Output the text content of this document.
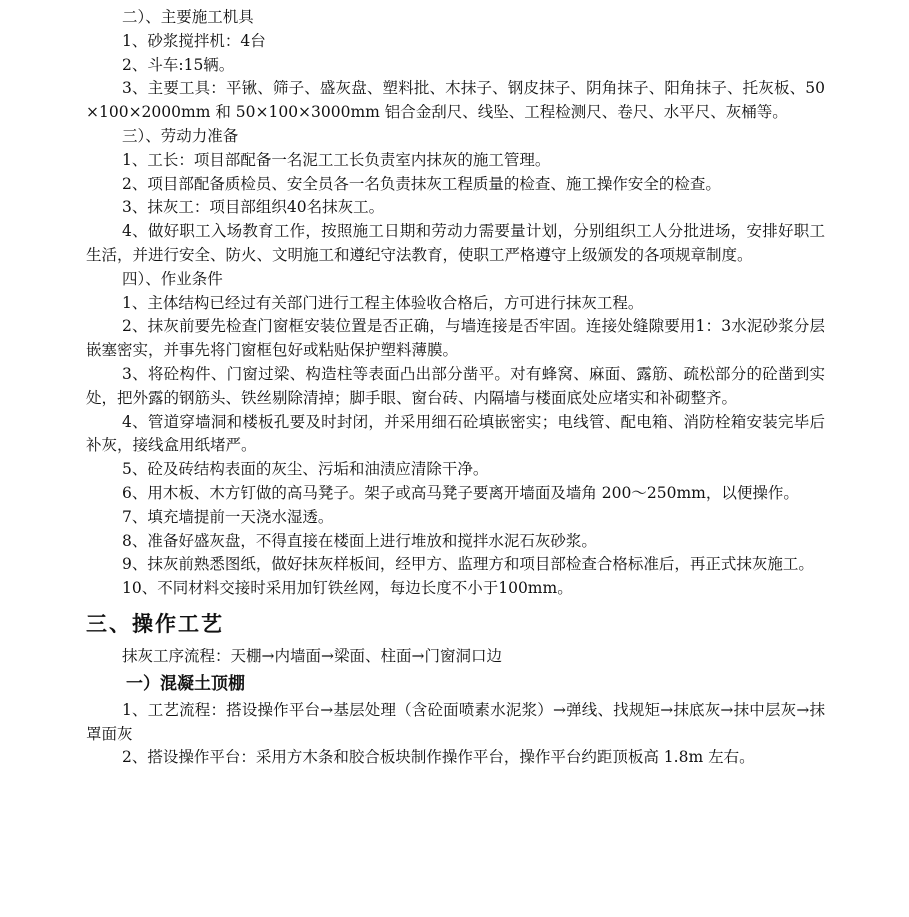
二）、主要施工机具

1、砂浆搅拌机：4台

2、斗车:15辆。

3、主要工具：平锹、筛子、盛灰盘、塑料批、木抹子、钢皮抹子、阴角抹子、阳角抹子、托灰板、50×100×2000mm 和 50×100×3000mm 铝合金刮尺、线坠、工程检测尺、卷尺、水平尺、灰桶等。

三）、劳动力准备

1、工长：项目部配备一名泥工工长负责室内抹灰的施工管理。

2、项目部配备质检员、安全员各一名负责抹灰工程质量的检查、施工操作安全的检查。

3、抹灰工：项目部组织40名抹灰工。

4、做好职工入场教育工作，按照施工日期和劳动力需要量计划，分别组织工人分批进场，安排好职工生活，并进行安全、防火、文明施工和遵纪守法教育，使职工严格遵守上级颁发的各项规章制度。

四）、作业条件

1、主体结构已经过有关部门进行工程主体验收合格后，方可进行抹灰工程。

2、抹灰前要先检查门窗框安装位置是否正确，与墙连接是否牢固。连接处缝隙要用1：3水泥砂浆分层嵌塞密实，并事先将门窗框包好或粘贴保护塑料薄膜。

3、将砼构件、门窗过梁、构造柱等表面凸出部分凿平。对有蜂窝、麻面、露筋、疏松部分的砼凿到实处，把外露的钢筋头、铁丝剔除清掉；脚手眼、窗台砖、内隔墙与楼面底处应堵实和补砌整齐。

4、管道穿墙洞和楼板孔要及时封闭，并采用细石砼填嵌密实；电线管、配电箱、消防栓箱安装完毕后补灰，接线盒用纸堵严。

5、砼及砖结构表面的灰尘、污垢和油渍应清除干净。

6、用木板、木方钉做的高马凳子。架子或高马凳子要离开墙面及墙角 200～250mm，以便操作。

7、填充墙提前一天浇水湿透。

8、准备好盛灰盘，不得直接在楼面上进行堆放和搅拌水泥石灰砂浆。

9、抹灰前熟悉图纸，做好抹灰样板间，经甲方、监理方和项目部检查合格标准后，再正式抹灰施工。

10、不同材料交接时采用加钉铁丝网，每边长度不小于100mm。

三、操作工艺

抹灰工序流程：天棚→内墙面→梁面、柱面→门窗洞口边

一）混凝土顶棚

1、工艺流程：搭设操作平台→基层处理（含砼面喷素水泥浆）→弹线、找规矩→抹底灰→抹中层灰→抹罩面灰

2、搭设操作平台：采用方木条和胶合板块制作操作平台，操作平台约距顶板高 1.8m 左右。
